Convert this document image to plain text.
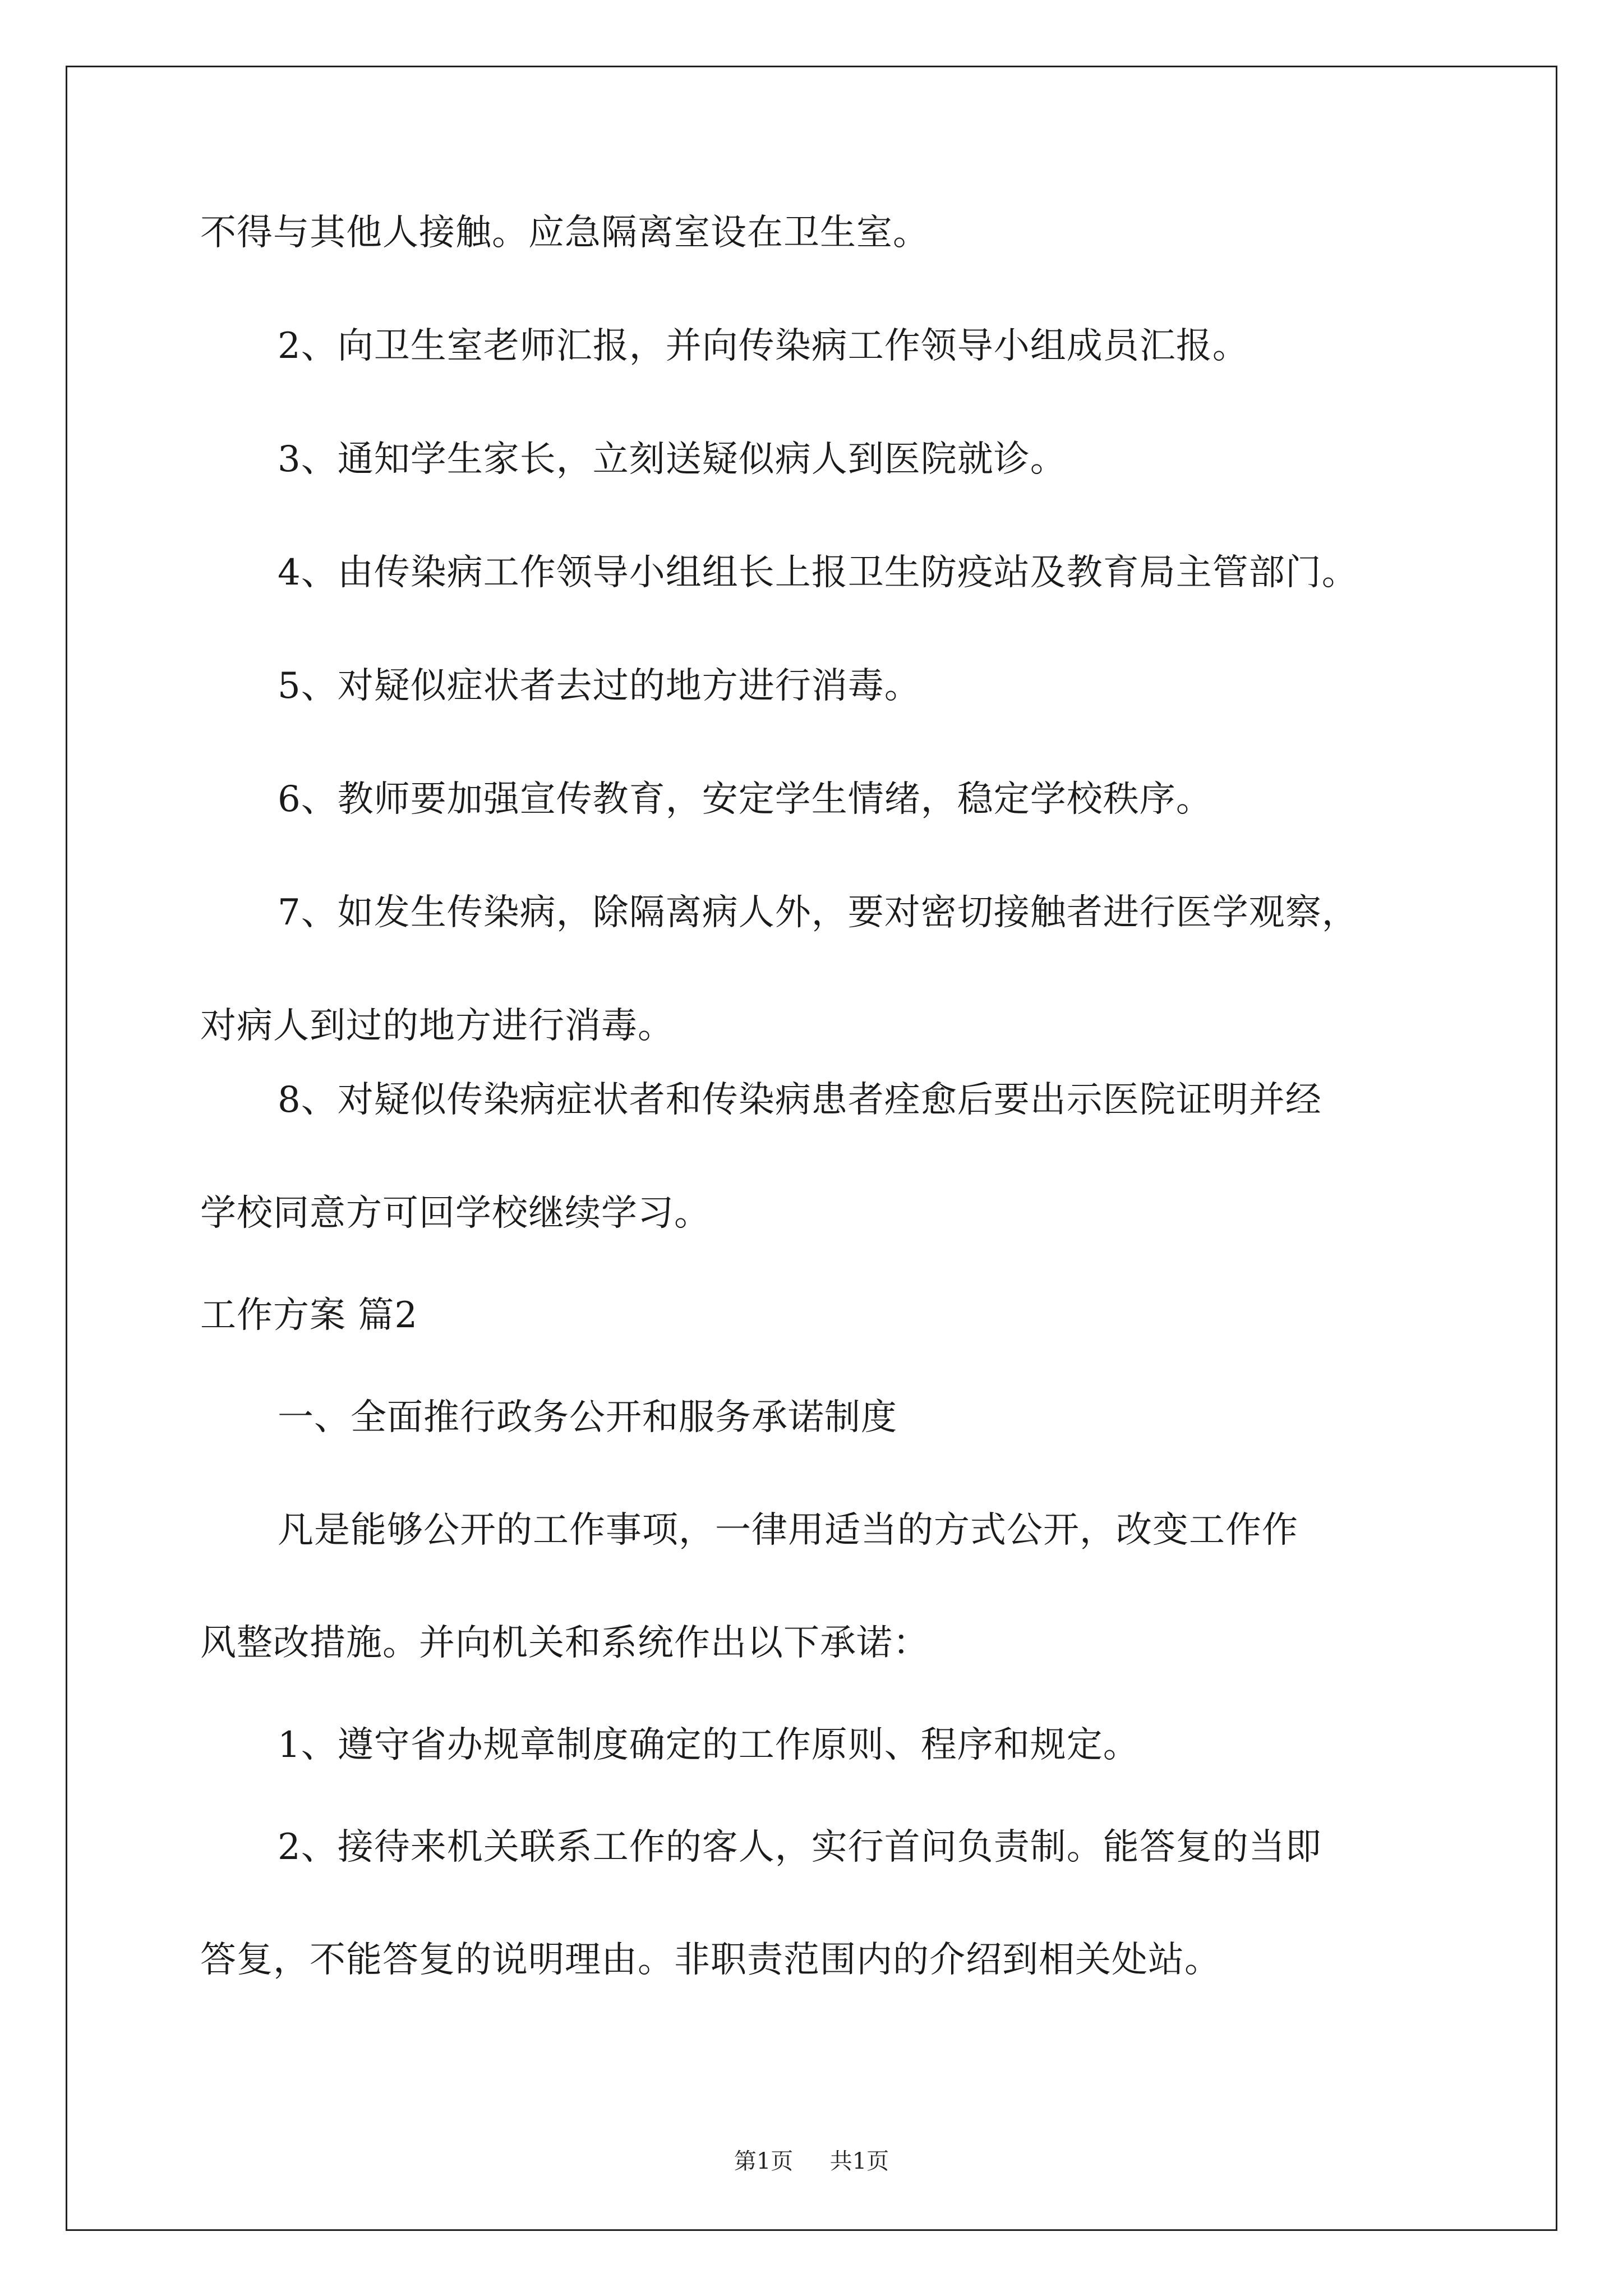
不得与其他人接触。应急隔离室设在卫生室。
2、向卫生室老师汇报，并向传染病工作领导小组成员汇报。
3、通知学生家长，立刻送疑似病人到医院就诊。
4、由传染病工作领导小组组长上报卫生防疫站及教育局主管部门。
5、对疑似症状者去过的地方进行消毒。
6、教师要加强宣传教育，安定学生情绪，稳定学校秩序。
7、如发生传染病，除隔离病人外，要对密切接触者进行医学观察，
对病人到过的地方进行消毒。
8、对疑似传染病症状者和传染病患者痊愈后要出示医院证明并经
学校同意方可回学校继续学习。
工作方案 篇2
一、全面推行政务公开和服务承诺制度
凡是能够公开的工作事项，一律用适当的方式公开，改变工作作
风整改措施。并向机关和系统作出以下承诺：
1、遵守省办规章制度确定的工作原则、程序和规定。
2、接待来机关联系工作的客人，实行首问负责制。能答复的当即
答复，不能答复的说明理由。非职责范围内的介绍到相关处站。
第1页 共1页
